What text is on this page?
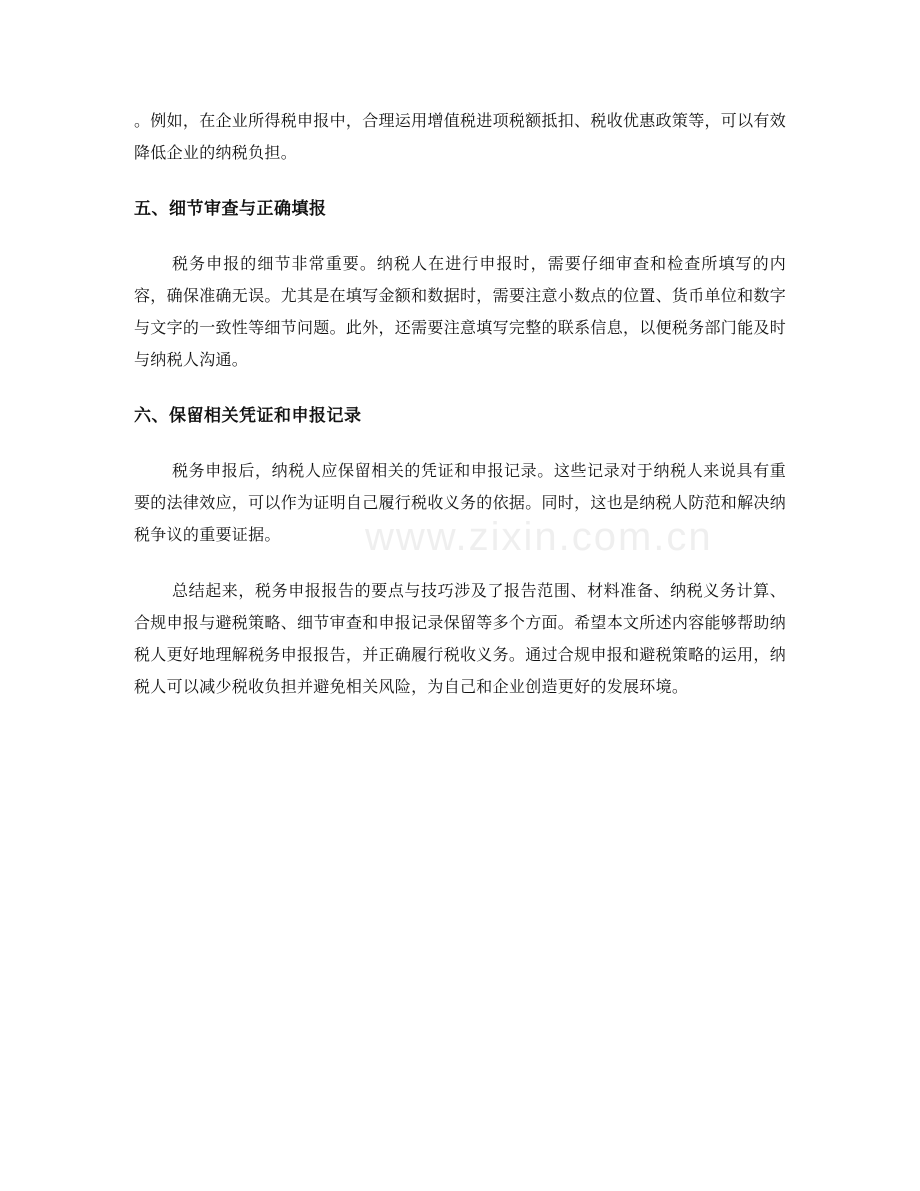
。例如，在企业所得税申报中，合理运用增值税进项税额抵扣、税收优惠政策等，可以有效降低企业的纳税负担。

五、细节审查与正确填报

税务申报的细节非常重要。纳税人在进行申报时，需要仔细审查和检查所填写的内容，确保准确无误。尤其是在填写金额和数据时，需要注意小数点的位置、货币单位和数字与文字的一致性等细节问题。此外，还需要注意填写完整的联系信息，以便税务部门能及时与纳税人沟通。

六、保留相关凭证和申报记录

税务申报后，纳税人应保留相关的凭证和申报记录。这些记录对于纳税人来说具有重要的法律效应，可以作为证明自己履行税收义务的依据。同时，这也是纳税人防范和解决纳税争议的重要证据。

总结起来，税务申报报告的要点与技巧涉及了报告范围、材料准备、纳税义务计算、合规申报与避税策略、细节审查和申报记录保留等多个方面。希望本文所述内容能够帮助纳税人更好地理解税务申报报告，并正确履行税收义务。通过合规申报和避税策略的运用，纳税人可以减少税收负担并避免相关风险，为自己和企业创造更好的发展环境。

www.zixin.com.cn
